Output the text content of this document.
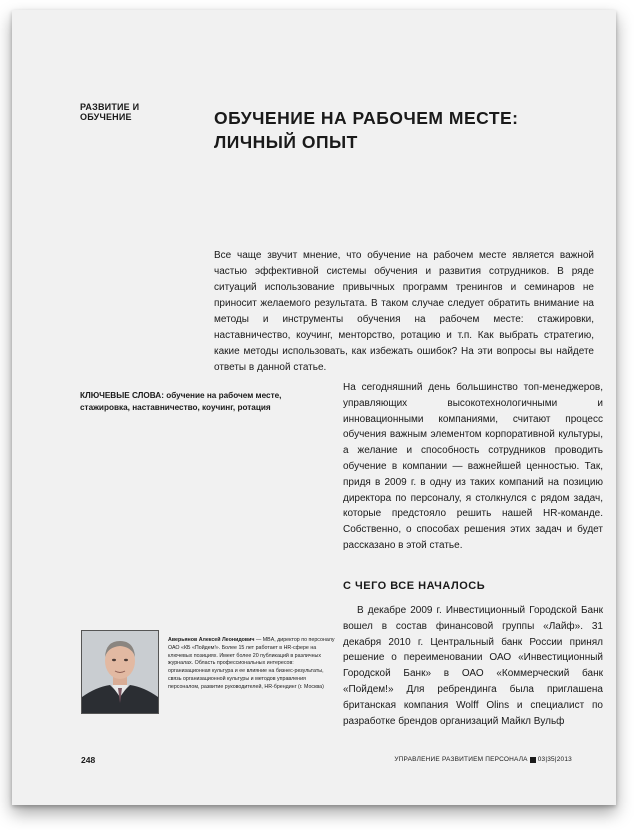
РАЗВИТИЕ И ОБУЧЕНИЕ	ОБУЧЕНИЕ НА РАБОЧЕМ МЕСТЕ:
ЛИЧНЫЙ ОПЫТ
Все чаще звучит мнение, что обучение на рабочем месте является важной частью эффективной системы обучения и развития сотрудников. В ряде ситуаций использование привычных программ тренингов и семинаров не приносит желаемого результата. В таком случае следует обратить внимание на методы и инструменты обучения на рабочем месте: стажировки, наставничество, коучинг, менторство, ротацию и т.п. Как выбрать стратегию, какие методы использовать, как избежать ошибок? На эти вопросы вы найдете ответы в данной статье.
КЛЮЧЕВЫЕ СЛОВА: обучение на рабочем месте, стажировка, наставничество, коучинг, ротация

На сегодняшний день большинство топ-менеджеров, управляющих высокотехнологичными и инновационными компаниями, считают процесс обучения важным элементом корпоративной культуры, а желание и способность сотрудников проводить обучение в компании — важнейшей ценностью. Так, придя в 2009 г. в одну из таких компаний на позицию директора по персоналу, я столкнулся с рядом задач, которые предстояло решить нашей HR-команде. Собственно, о способах решения этих задач и будет рассказано в этой статье.

С ЧЕГО ВСЕ НАЧАЛОСЬ

В декабре 2009 г. Инвестиционный Городской Банк вошел в состав финансовой группы «Лайф». 31 декабря 2010 г. Центральный банк России принял решение о переименовании ОАО «Инвестиционный Городской Банк» в ОАО «Коммерческий банк «Пойдем!» Для ребрендинга была приглашена британская компания Wolff Olins и специалист по разработке брендов организаций Майкл Вульф

Аверьянов Алексей Леонидович — MBA, директор по персоналу ОАО «КБ «Пойдем!». Более 15 лет работает в HR-сфере на ключевых позициях. Имеет более 20 публикаций в различных журналах. Область профессиональных интересов: организационная культура и ее влияние на бизнес-результаты, связь организационной культуры и методов управления персоналом, развитие руководителей, HR-брендинг (г. Москва)
248	УПРАВЛЕНИЕ РАЗВИТИЕМ ПЕРСОНАЛА 03|35|2013
